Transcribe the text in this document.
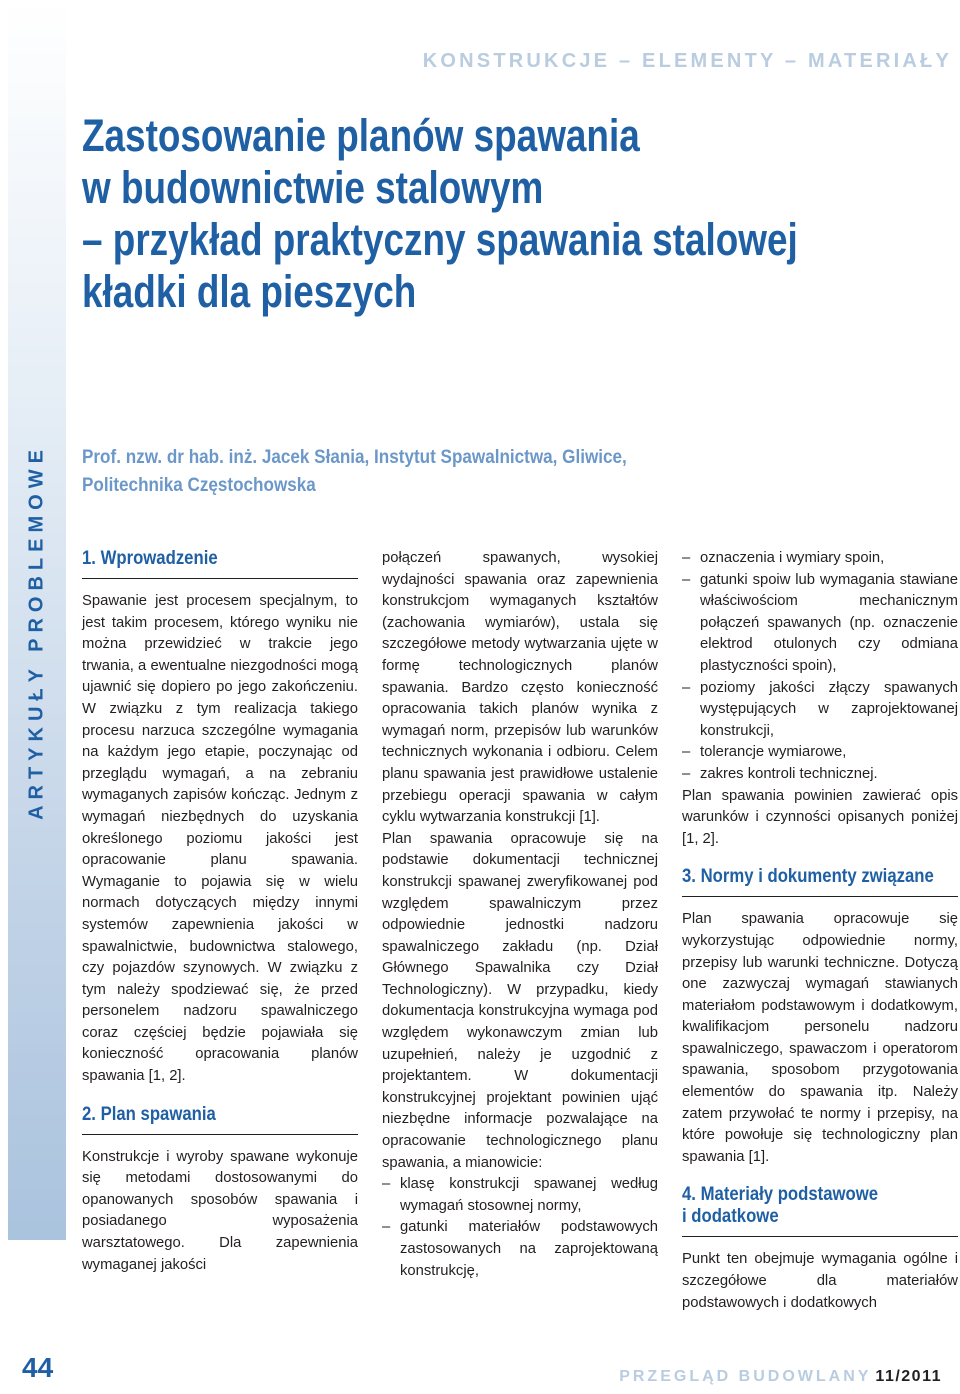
ARTYKUŁY PROBLEMOWE
44
KONSTRUKCJE – ELEMENTY – MATERIAŁY
Zastosowanie planów spawania
w budownictwie stalowym
– przykład praktyczny spawania stalowej
kładki dla pieszych
Prof. nzw. dr hab. inż. Jacek Słania, Instytut Spawalnictwa, Gliwice,
Politechnika Częstochowska
1. Wprowadzenie

Spawanie jest procesem specjalnym, to jest takim procesem, którego wyniku nie można przewidzieć w trakcie jego trwania, a ewentualne niezgodności mogą ujawnić się dopiero po jego zakończeniu. W związku z tym realizacja takiego procesu narzuca szczególne wymagania na każdym jego etapie, poczynając od przeglądu wymagań, a na zebraniu wymaganych zapisów kończąc. Jednym z wymagań niezbędnych do uzyskania określonego poziomu jakości jest opracowanie planu spawania. Wymaganie to pojawia się w wielu normach dotyczących między innymi systemów zapewnienia jakości w spawalnictwie, budownictwa stalowego, czy pojazdów szynowych. W związku z tym należy spodziewać się, że przed personelem nadzoru spawalniczego coraz częściej będzie pojawiała się konieczność opracowania planów spawania [1, 2].

2. Plan spawania

Konstrukcje i wyroby spawane wykonuje się metodami dostosowanymi do opanowanych sposobów spawania i posiadanego wyposażenia warsztatowego. Dla zapewnienia wymaganej jakości

połączeń spawanych, wysokiej wydajności spawania oraz zapewnienia konstrukcjom wymaganych kształtów (zachowania wymiarów), ustala się szczegółowe metody wytwarzania ujęte w formę technologicznych planów spawania. Bardzo często konieczność opracowania takich planów wynika z wymagań norm, przepisów lub warunków technicznych wykonania i odbioru. Celem planu spawania jest prawidłowe ustalenie przebiegu operacji spawania w całym cyklu wytwarzania konstrukcji [1].

Plan spawania opracowuje się na podstawie dokumentacji technicznej konstrukcji spawanej zweryfikowanej pod względem spawalniczym przez odpowiednie jednostki nadzoru spawalniczego zakładu (np. Dział Głównego Spawalnika czy Dział Technologiczny). W przypadku, kiedy dokumentacja konstrukcyjna wymaga pod względem wykonawczym zmian lub uzupełnień, należy je uzgodnić z projektantem. W dokumentacji konstrukcyjnej projektant powinien ująć niezbędne informacje pozwalające na opracowanie technologicznego planu spawania, a mianowicie:

– klasę konstrukcji spawanej według wymagań stosownej normy,
– gatunki materiałów podstawowych zastosowanych na zaprojektowaną konstrukcję,
– oznaczenia i wymiary spoin,
– gatunki spoiw lub wymagania stawiane właściwościom mechanicznym połączeń spawanych (np. oznaczenie elektrod otulonych czy odmiana plastyczności spoin),
– poziomy jakości złączy spawanych występujących w zaprojektowanej konstrukcji,
– tolerancje wymiarowe,
– zakres kontroli technicznej.

Plan spawania powinien zawierać opis warunków i czynności opisanych poniżej [1, 2].

3. Normy i dokumenty związane

Plan spawania opracowuje się wykorzystując odpowiednie normy, przepisy lub warunki techniczne. Dotyczą one zazwyczaj wymagań stawianych materiałom podstawowym i dodatkowym, kwalifikacjom personelu nadzoru spawalniczego, spawaczom i operatorom spawania, sposobom przygotowania elementów do spawania itp. Należy zatem przywołać te normy i przepisy, na które powołuje się technologiczny plan spawania [1].

4. Materiały podstawowe
i dodatkowe

Punkt ten obejmuje wymagania ogólne i szczegółowe dla materiałów podstawowych i dodatkowych

PRZEGLĄD BUDOWLANY 11/2011
